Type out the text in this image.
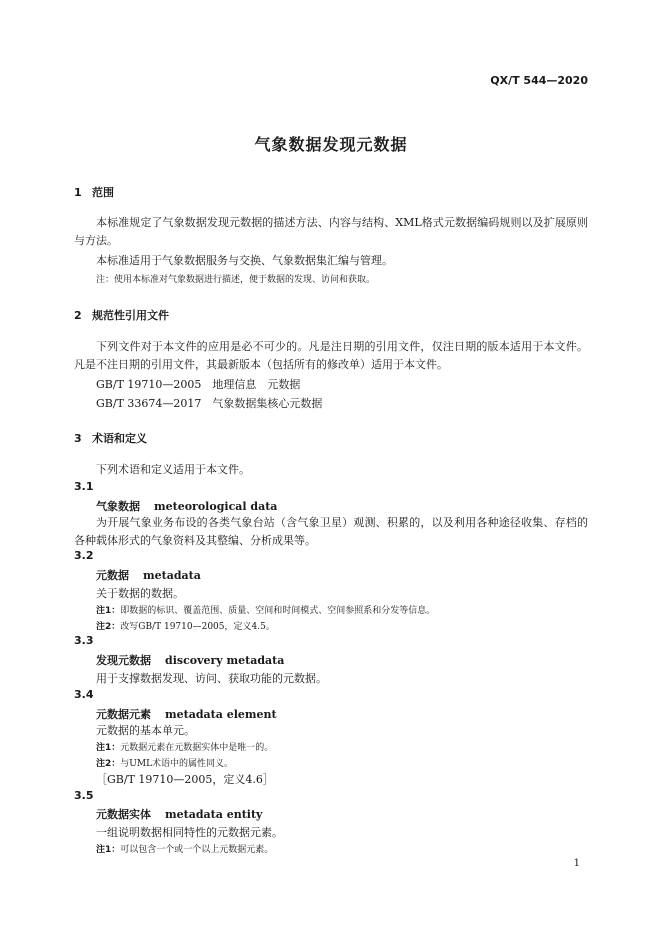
QX/T 544—2020
气象数据发现元数据
1 范围
本标准规定了气象数据发现元数据的描述方法、内容与结构、XML格式元数据编码规则以及扩展原则与方法。
本标准适用于气象数据服务与交换、气象数据集汇编与管理。
注：使用本标准对气象数据进行描述，便于数据的发现、访问和获取。
2 规范性引用文件
下列文件对于本文件的应用是必不可少的。凡是注日期的引用文件，仅注日期的版本适用于本文件。凡是不注日期的引用文件，其最新版本（包括所有的修改单）适用于本文件。
GB/T 19710—2005　地理信息　元数据
GB/T 33674—2017　气象数据集核心元数据
3 术语和定义
下列术语和定义适用于本文件。
3.1
气象数据 meteorological data
为开展气象业务布设的各类气象台站（含气象卫星）观测、积累的，以及利用各种途径收集、存档的各种载体形式的气象资料及其整编、分析成果等。
3.2
元数据 metadata
关于数据的数据。
注1：即数据的标识、覆盖范围、质量、空间和时间模式、空间参照系和分发等信息。
注2：改写GB/T 19710—2005，定义4.5。
3.3
发现元数据 discovery metadata
用于支撑数据发现、访问、获取功能的元数据。
3.4
元数据元素 metadata element
元数据的基本单元。
注1：元数据元素在元数据实体中是唯一的。
注2：与UML术语中的属性同义。
［GB/T 19710—2005，定义4.6］
3.5
元数据实体 metadata entity
一组说明数据相同特性的元数据元素。
注1：可以包含一个或一个以上元数据元素。
1
